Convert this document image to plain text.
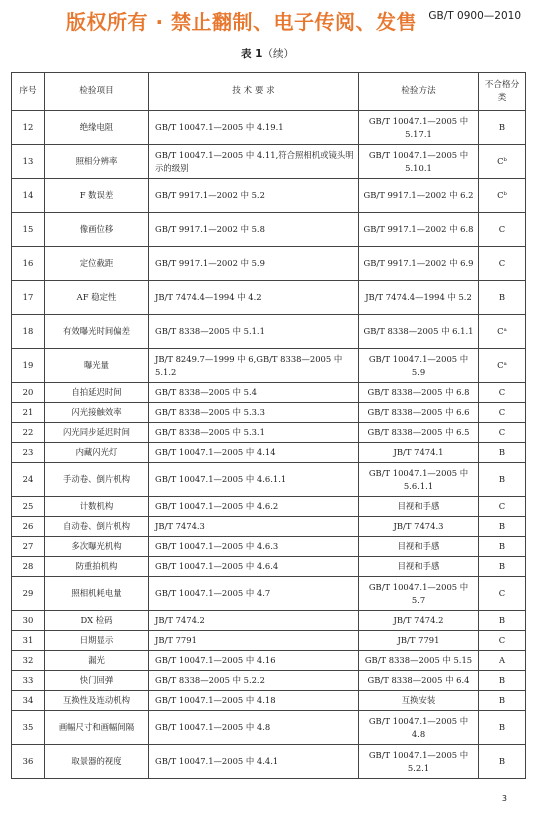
版权所有 · 禁止翻制、电子传阅、发售 GB/T 0900—2010
表 1（续）
序号	检验项目	技 术 要 求	检验方法	不合格分类
12	绝缘电阻	GB/T 10047.1—2005 中 4.19.1	GB/T 10047.1—2005 中 5.17.1	B
13	照相分辨率	GB/T 10047.1—2005 中 4.11,符合照相机或镜头明示的级别	GB/T 10047.1—2005 中 5.10.1	Cᵇ
14	F 数误差	GB/T 9917.1—2002 中 5.2	GB/T 9917.1—2002 中 6.2	Cᵇ
15	像画位移	GB/T 9917.1—2002 中 5.8	GB/T 9917.1—2002 中 6.8	C
16	定位截距	GB/T 9917.1—2002 中 5.9	GB/T 9917.1—2002 中 6.9	C
17	AF 稳定性	JB/T 7474.4—1994 中 4.2	JB/T 7474.4—1994 中 5.2	B
18	有效曝光时间偏差	GB/T 8338—2005 中 5.1.1	GB/T 8338—2005 中 6.1.1	Cᵃ
19	曝光量	JB/T 8249.7—1999 中 6,GB/T 8338—2005 中 5.1.2	GB/T 10047.1—2005 中 5.9	Cᵃ
20	自拍延迟时间	GB/T 8338—2005 中 5.4	GB/T 8338—2005 中 6.8	C
21	闪光接触效率	GB/T 8338—2005 中 5.3.3	GB/T 8338—2005 中 6.6	C
22	闪光同步延迟时间	GB/T 8338—2005 中 5.3.1	GB/T 8338—2005 中 6.5	C
23	内藏闪光灯	GB/T 10047.1—2005 中 4.14	JB/T 7474.1	B
24	手动卷、倒片机构	GB/T 10047.1—2005 中 4.6.1.1	GB/T 10047.1—2005 中 5.6.1.1	B
25	计数机构	GB/T 10047.1—2005 中 4.6.2	目视和手感	C
26	自动卷、倒片机构	JB/T 7474.3	JB/T 7474.3	B
27	多次曝光机构	GB/T 10047.1—2005 中 4.6.3	目视和手感	B
28	防重拍机构	GB/T 10047.1—2005 中 4.6.4	目视和手感	B
29	照相机耗电量	GB/T 10047.1—2005 中 4.7	GB/T 10047.1—2005 中 5.7	C
30	DX 检码	JB/T 7474.2	JB/T 7474.2	B
31	日期显示	JB/T 7791	JB/T 7791	C
32	漏光	GB/T 10047.1—2005 中 4.16	GB/T 8338—2005 中 5.15	A
33	快门回弹	GB/T 8338—2005 中 5.2.2	GB/T 8338—2005 中 6.4	B
34	互换性及连动机构	GB/T 10047.1—2005 中 4.18	互换安装	B
35	画幅尺寸和画幅间隔	GB/T 10047.1—2005 中 4.8	GB/T 10047.1—2005 中 4.8	B
36	取景器的视度	GB/T 10047.1—2005 中 4.4.1	GB/T 10047.1—2005 中 5.2.1	B
3
